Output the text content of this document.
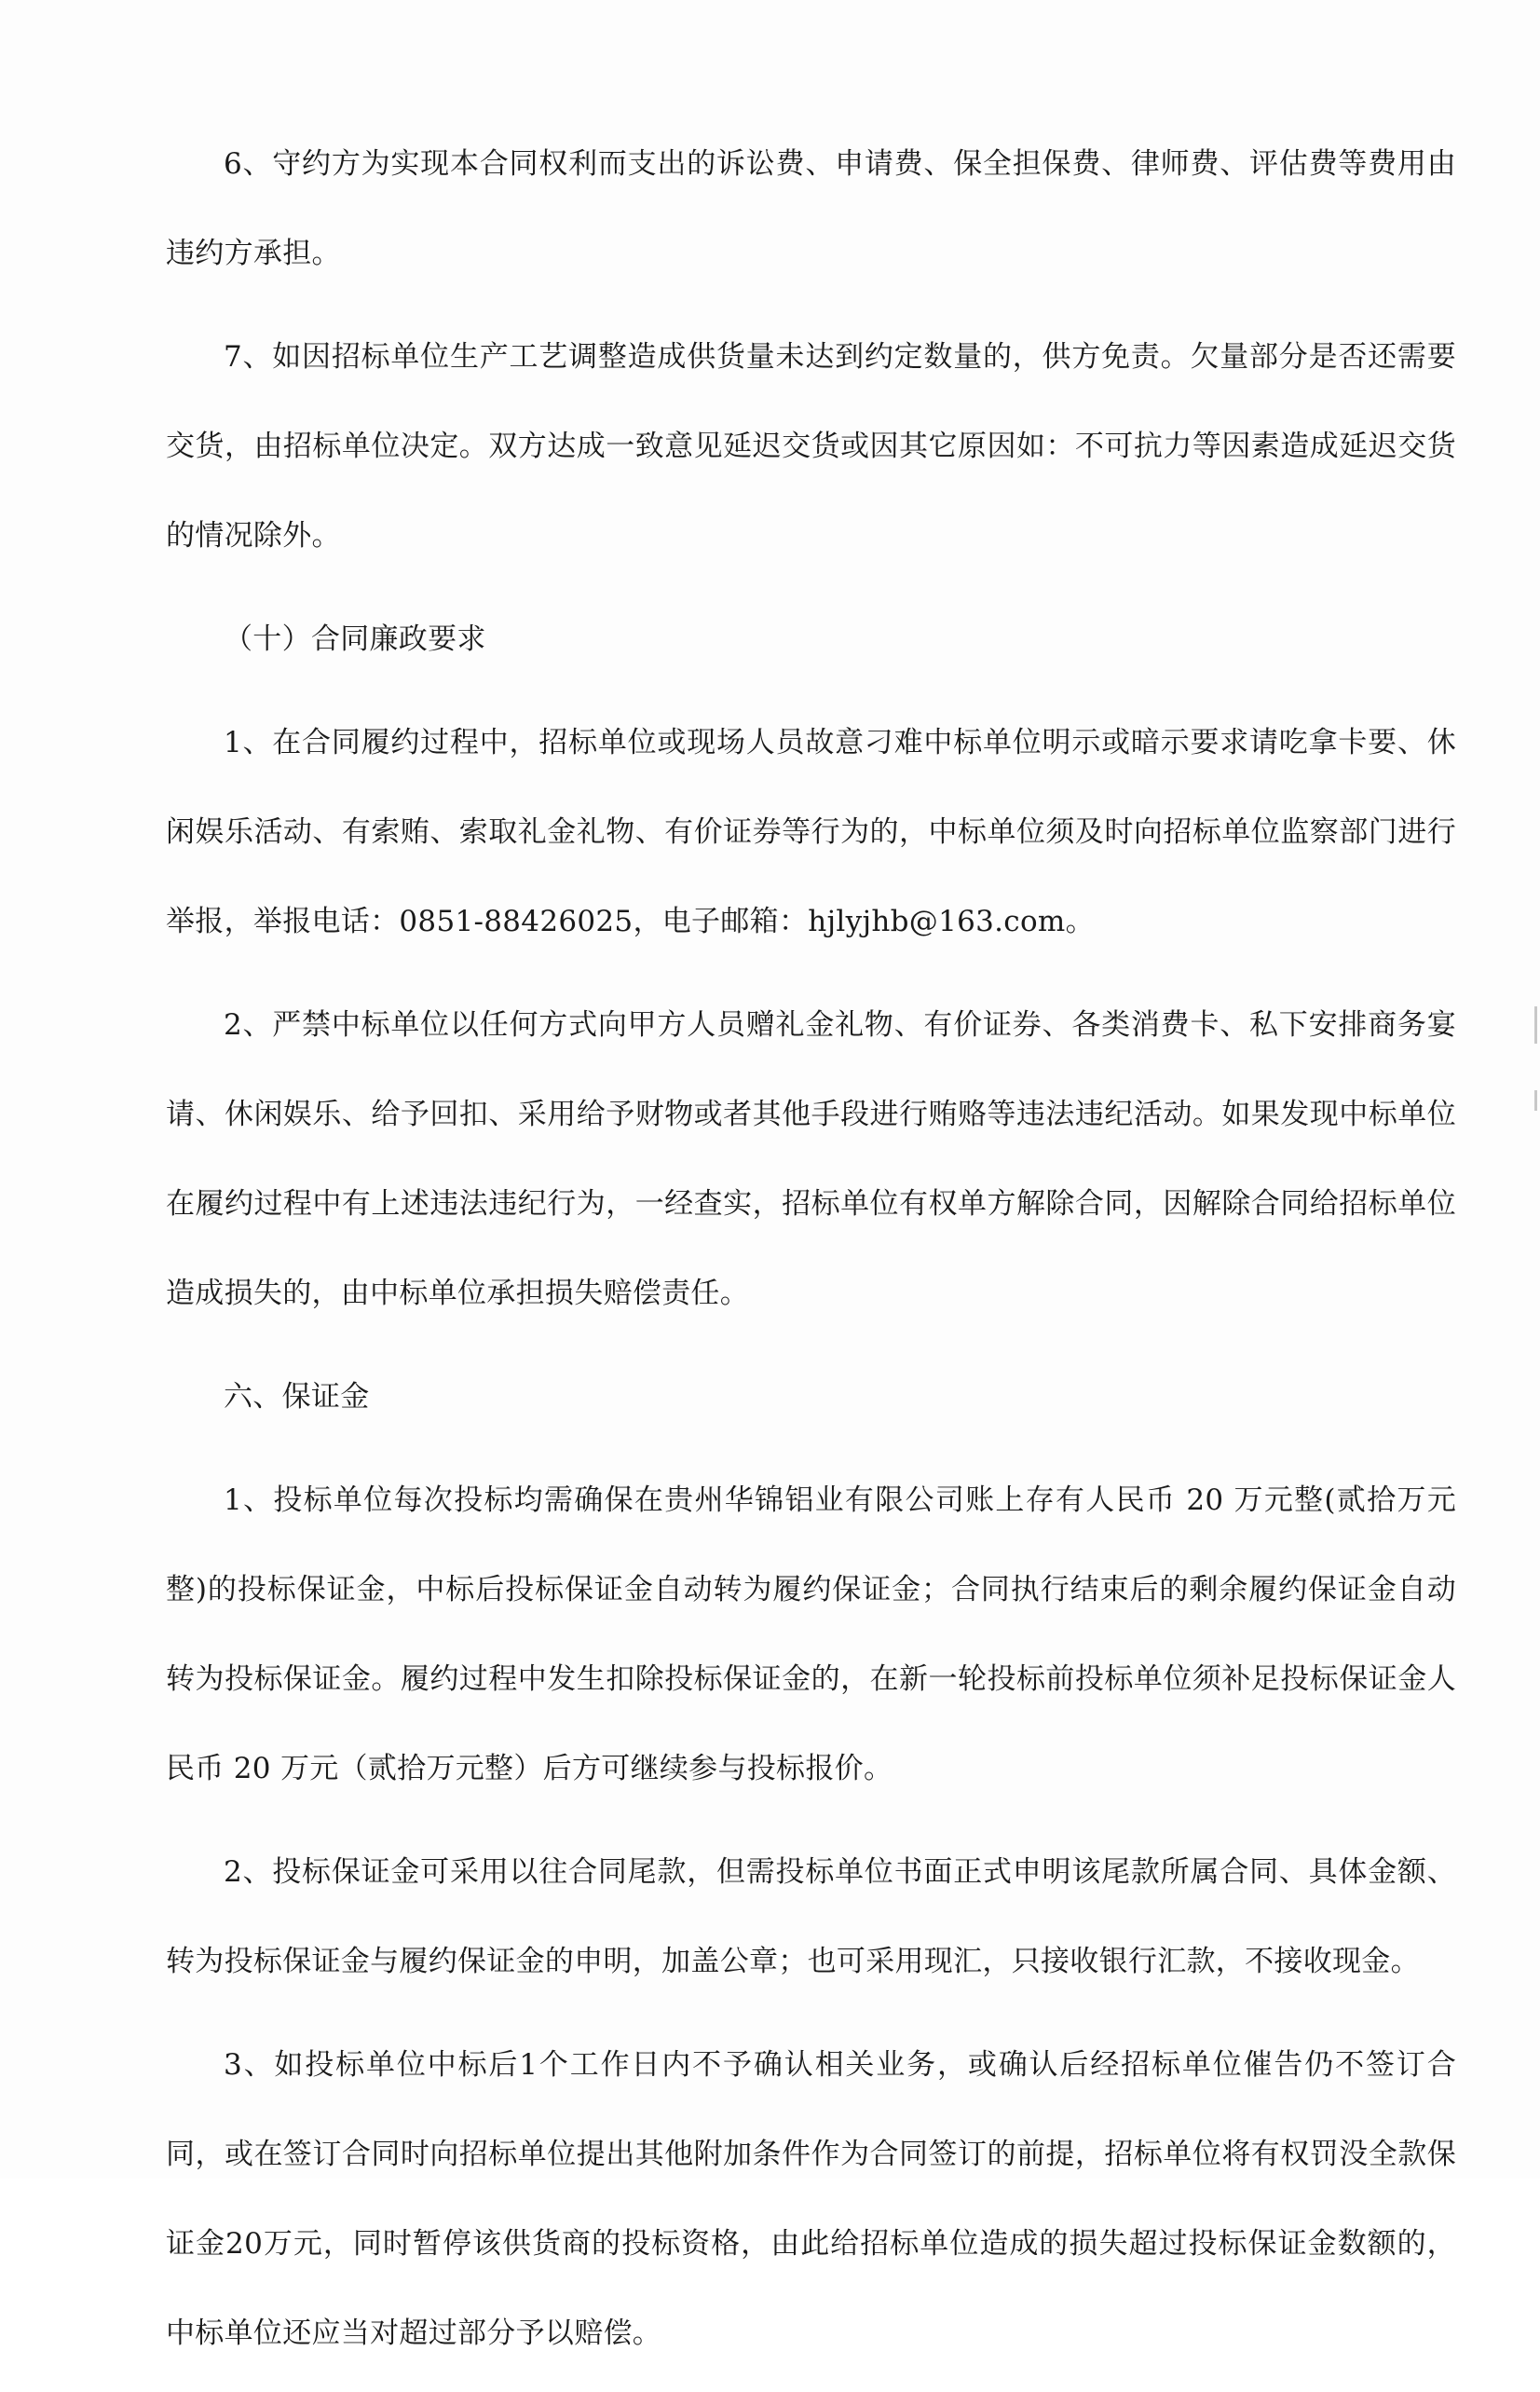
6、守约方为实现本合同权利而支出的诉讼费、申请费、保全担保费、律师费、评估费等费用由违约方承担。

7、如因招标单位生产工艺调整造成供货量未达到约定数量的，供方免责。欠量部分是否还需要交货，由招标单位决定。双方达成一致意见延迟交货或因其它原因如：不可抗力等因素造成延迟交货的情况除外。

（十）合同廉政要求

1、在合同履约过程中，招标单位或现场人员故意刁难中标单位明示或暗示要求请吃拿卡要、休闲娱乐活动、有索贿、索取礼金礼物、有价证券等行为的，中标单位须及时向招标单位监察部门进行举报，举报电话：0851-88426025，电子邮箱：hjlyjhb@163.com。

2、严禁中标单位以任何方式向甲方人员赠礼金礼物、有价证券、各类消费卡、私下安排商务宴请、休闲娱乐、给予回扣、采用给予财物或者其他手段进行贿赂等违法违纪活动。如果发现中标单位在履约过程中有上述违法违纪行为，一经查实，招标单位有权单方解除合同，因解除合同给招标单位造成损失的，由中标单位承担损失赔偿责任。

六、保证金

1、投标单位每次投标均需确保在贵州华锦铝业有限公司账上存有人民币 20 万元整(贰拾万元整)的投标保证金，中标后投标保证金自动转为履约保证金；合同执行结束后的剩余履约保证金自动转为投标保证金。履约过程中发生扣除投标保证金的，在新一轮投标前投标单位须补足投标保证金人民币 20 万元（贰拾万元整）后方可继续参与投标报价。

2、投标保证金可采用以往合同尾款，但需投标单位书面正式申明该尾款所属合同、具体金额、转为投标保证金与履约保证金的申明，加盖公章；也可采用现汇，只接收银行汇款，不接收现金。

3、如投标单位中标后1个工作日内不予确认相关业务，或确认后经招标单位催告仍不签订合同，或在签订合同时向招标单位提出其他附加条件作为合同签订的前提，招标单位将有权罚没全款保证金20万元，同时暂停该供货商的投标资格，由此给招标单位造成的损失超过投标保证金数额的，中标单位还应当对超过部分予以赔偿。
